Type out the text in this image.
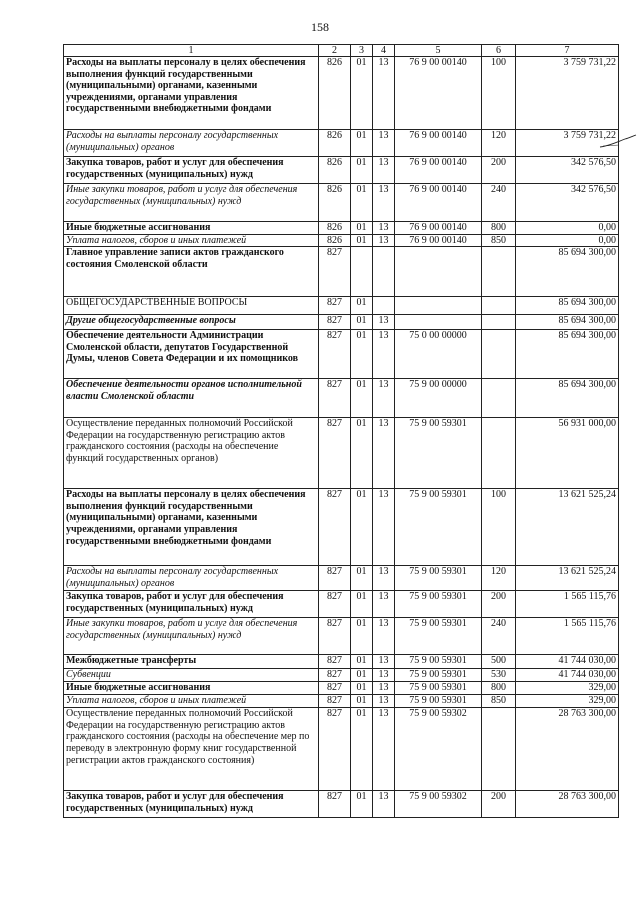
158
1	2	3	4	5	6	7
Расходы на выплаты персоналу в целях обеспечения выполнения функций государственными (муниципальными) органами, казенными учреждениями, органами управления государственными внебюджетными фондами	826	01	13	76 9 00 00140	100	3 759 731,22
Расходы на выплаты персоналу государственных (муниципальных) органов	826	01	13	76 9 00 00140	120	3 759 731,22
Закупка товаров, работ и услуг для обеспечения государственных (муниципальных) нужд	826	01	13	76 9 00 00140	200	342 576,50
Иные закупки товаров, работ и услуг для обеспечения государственных (муниципальных) нужд	826	01	13	76 9 00 00140	240	342 576,50
Иные бюджетные ассигнования	826	01	13	76 9 00 00140	800	0,00
Уплата налогов, сборов и иных платежей	826	01	13	76 9 00 00140	850	0,00
Главное управление записи актов гражданского состояния Смоленской области	827					85 694 300,00
ОБЩЕГОСУДАРСТВЕННЫЕ ВОПРОСЫ	827	01				85 694 300,00
Другие общегосударственные вопросы	827	01	13			85 694 300,00
Обеспечение деятельности Администрации Смоленской области, депутатов Государственной Думы, членов Совета Федерации и их помощников	827	01	13	75 0 00 00000		85 694 300,00
Обеспечение деятельности органов исполнительной власти Смоленской области	827	01	13	75 9 00 00000		85 694 300,00
Осуществление переданных полномочий Российской Федерации на государственную регистрацию актов гражданского состояния (расходы на обеспечение функций государственных органов)	827	01	13	75 9 00 59301		56 931 000,00
Расходы на выплаты персоналу в целях обеспечения выполнения функций государственными (муниципальными) органами, казенными учреждениями, органами управления государственными внебюджетными фондами	827	01	13	75 9 00 59301	100	13 621 525,24
Расходы на выплаты персоналу государственных (муниципальных) органов	827	01	13	75 9 00 59301	120	13 621 525,24
Закупка товаров, работ и услуг для обеспечения государственных (муниципальных) нужд	827	01	13	75 9 00 59301	200	1 565 115,76
Иные закупки товаров, работ и услуг для обеспечения государственных (муниципальных) нужд	827	01	13	75 9 00 59301	240	1 565 115,76
Межбюджетные трансферты	827	01	13	75 9 00 59301	500	41 744 030,00
Субвенции	827	01	13	75 9 00 59301	530	41 744 030,00
Иные бюджетные ассигнования	827	01	13	75 9 00 59301	800	329,00
Уплата налогов, сборов и иных платежей	827	01	13	75 9 00 59301	850	329,00
Осуществление переданных полномочий Российской Федерации на государственную регистрацию актов гражданского состояния (расходы на обеспечение мер по переводу в электронную форму книг государственной регистрации актов гражданского состояния)	827	01	13	75 9 00 59302		28 763 300,00
Закупка товаров, работ и услуг для обеспечения государственных (муниципальных) нужд	827	01	13	75 9 00 59302	200	28 763 300,00
